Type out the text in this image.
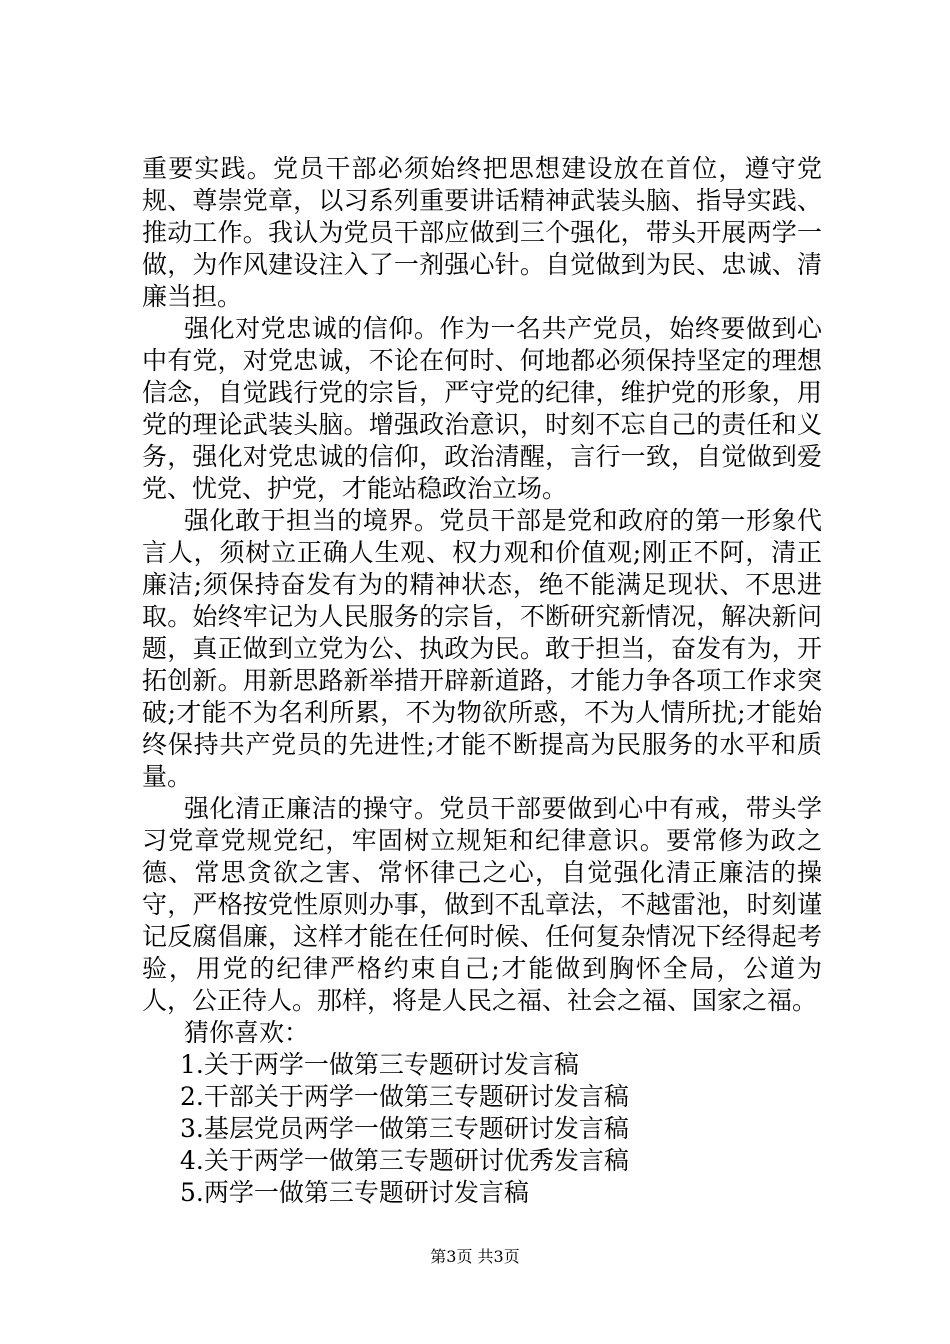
重要实践。党员干部必须始终把思想建设放在首位，遵守党规、尊崇党章，以习系列重要讲话精神武装头脑、指导实践、推动工作。我认为党员干部应做到三个强化，带头开展两学一做，为作风建设注入了一剂强心针。自觉做到为民、忠诚、清廉当担。

强化对党忠诚的信仰。作为一名共产党员，始终要做到心中有党，对党忠诚，不论在何时、何地都必须保持坚定的理想信念，自觉践行党的宗旨，严守党的纪律，维护党的形象，用党的理论武装头脑。增强政治意识，时刻不忘自己的责任和义务，强化对党忠诚的信仰，政治清醒，言行一致，自觉做到爱党、忧党、护党，才能站稳政治立场。

强化敢于担当的境界。党员干部是党和政府的第一形象代言人，须树立正确人生观、权力观和价值观;刚正不阿，清正廉洁;须保持奋发有为的精神状态，绝不能满足现状、不思进取。始终牢记为人民服务的宗旨，不断研究新情况，解决新问题，真正做到立党为公、执政为民。敢于担当，奋发有为，开拓创新。用新思路新举措开辟新道路，才能力争各项工作求突破;才能不为名利所累，不为物欲所惑，不为人情所扰;才能始终保持共产党员的先进性;才能不断提高为民服务的水平和质量。

强化清正廉洁的操守。党员干部要做到心中有戒，带头学习党章党规党纪，牢固树立规矩和纪律意识。要常修为政之德、常思贪欲之害、常怀律己之心，自觉强化清正廉洁的操守，严格按党性原则办事，做到不乱章法，不越雷池，时刻谨记反腐倡廉，这样才能在任何时候、任何复杂情况下经得起考验，用党的纪律严格约束自己;才能做到胸怀全局，公道为人，公正待人。那样，将是人民之福、社会之福、国家之福。

猜你喜欢：

1.关于两学一做第三专题研讨发言稿
2.干部关于两学一做第三专题研讨发言稿
3.基层党员两学一做第三专题研讨发言稿
4.关于两学一做第三专题研讨优秀发言稿
5.两学一做第三专题研讨发言稿
第3页 共3页
